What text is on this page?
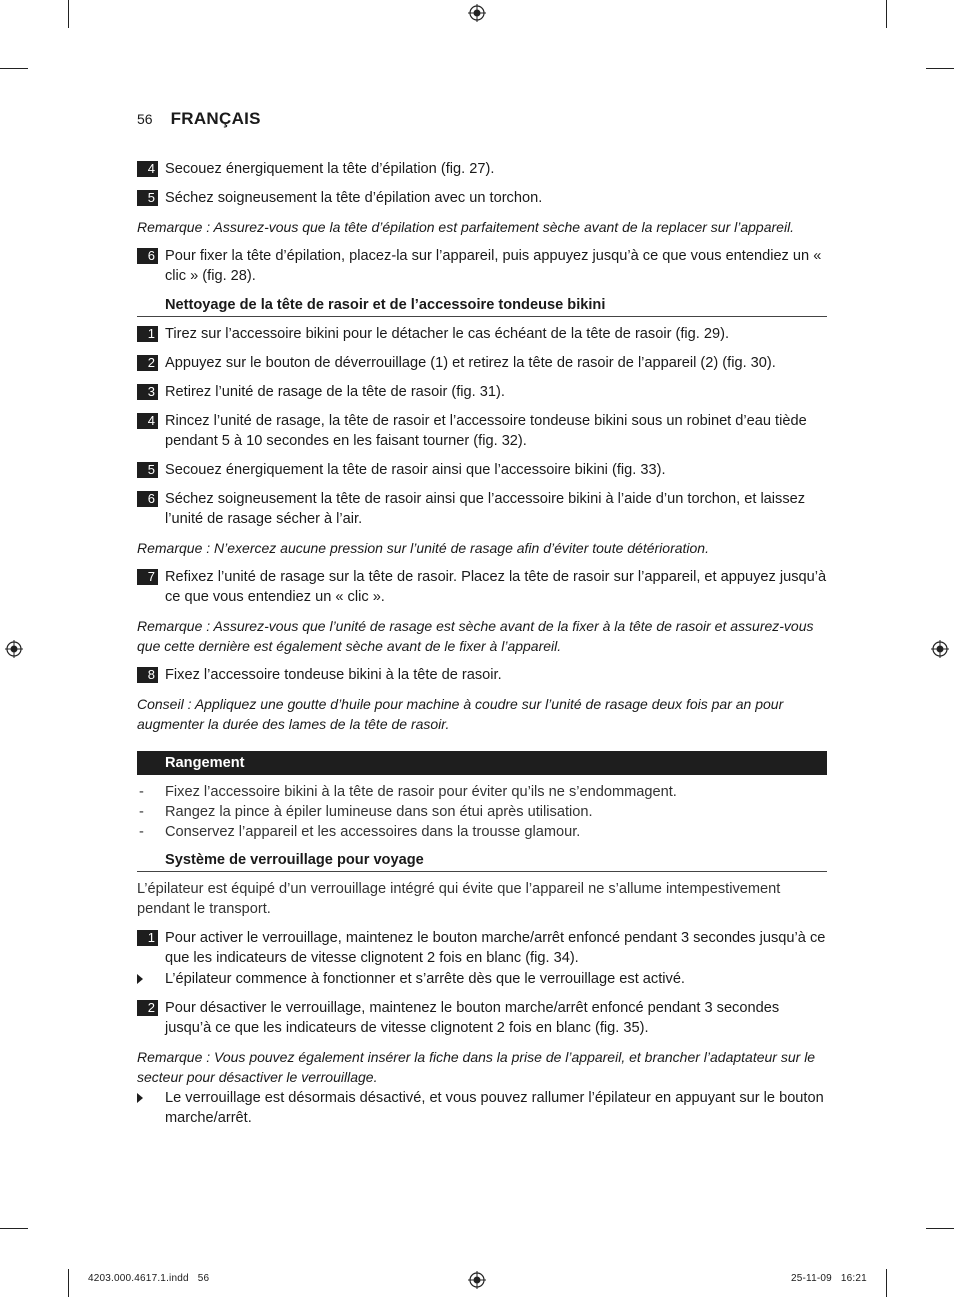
56 FRANÇAIS
4 Secouez énergiquement la tête d’épilation (fig. 27).
5 Séchez soigneusement la tête d’épilation avec un torchon.
Remarque : Assurez-vous que la tête d’épilation est parfaitement sèche avant de la replacer sur l’appareil.
6 Pour fixer la tête d’épilation, placez-la sur l’appareil, puis appuyez jusqu’à ce que vous entendiez un « clic » (fig. 28).
Nettoyage de la tête de rasoir et de l’accessoire tondeuse bikini
1 Tirez sur l’accessoire bikini pour le détacher le cas échéant de la tête de rasoir (fig. 29).
2 Appuyez sur le bouton de déverrouillage (1) et retirez la tête de rasoir de l’appareil (2) (fig. 30).
3 Retirez l’unité de rasage de la tête de rasoir (fig. 31).
4 Rincez l’unité de rasage, la tête de rasoir et l’accessoire tondeuse bikini sous un robinet d’eau tiède pendant 5 à 10 secondes en les faisant tourner (fig. 32).
5 Secouez énergiquement la tête de rasoir ainsi que l’accessoire bikini (fig. 33).
6 Séchez soigneusement la tête de rasoir ainsi que l’accessoire bikini à l’aide d’un torchon, et laissez l’unité de rasage sécher à l’air.
Remarque : N’exercez aucune pression sur l’unité de rasage afin d’éviter toute détérioration.
7 Refixez l’unité de rasage sur la tête de rasoir. Placez la tête de rasoir sur l’appareil, et appuyez jusqu’à ce que vous entendiez un « clic ».
Remarque : Assurez-vous que l’unité de rasage est sèche avant de la fixer à la tête de rasoir et assurez-vous que cette dernière est également sèche avant de le fixer à l’appareil.
8 Fixez l’accessoire tondeuse bikini à la tête de rasoir.
Conseil : Appliquez une goutte d’huile pour machine à coudre sur l’unité de rasage deux fois par an pour augmenter la durée des lames de la tête de rasoir.
Rangement
- Fixez l’accessoire bikini à la tête de rasoir pour éviter qu’ils ne s’endommagent.
- Rangez la pince à épiler lumineuse dans son étui après utilisation.
- Conservez l’appareil et les accessoires dans la trousse glamour.
Système de verrouillage pour voyage
L’épilateur est équipé d’un verrouillage intégré qui évite que l’appareil ne s’allume intempestivement pendant le transport.
1 Pour activer le verrouillage, maintenez le bouton marche/arrêt enfoncé pendant 3 secondes jusqu’à ce que les indicateurs de vitesse clignotent 2 fois en blanc (fig. 34).
L’épilateur commence à fonctionner et s’arrête dès que le verrouillage est activé.
2 Pour désactiver le verrouillage, maintenez le bouton marche/arrêt enfoncé pendant 3 secondes jusqu’à ce que les indicateurs de vitesse clignotent 2 fois en blanc (fig. 35).
Remarque : Vous pouvez également insérer la fiche dans la prise de l’appareil, et brancher l’adaptateur sur le secteur pour désactiver le verrouillage.
Le verrouillage est désormais désactivé, et vous pouvez rallumer l’épilateur en appuyant sur le bouton marche/arrêt.
4203.000.4617.1.indd   56	25-11-09   16:21
